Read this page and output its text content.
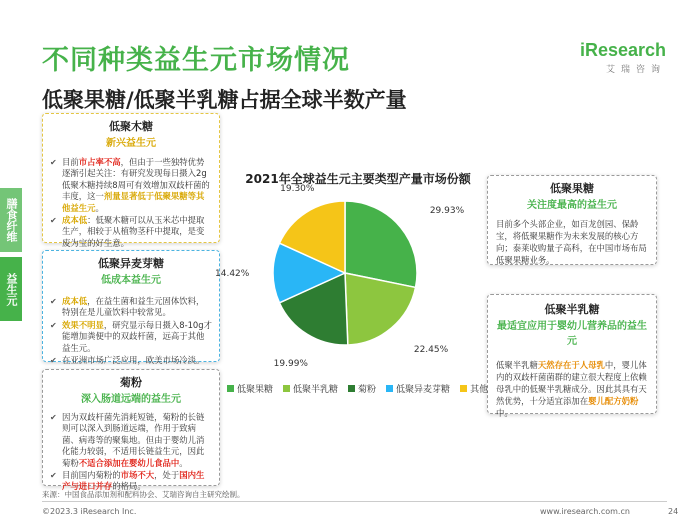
不同种类益生元市场情况
低聚果糖/低聚半乳糖占据全球半数产量
iResearch
艾瑞咨询
膳食纤维
益生元
低聚木糖
新兴益生元
✔ 目前市占率不高，但由于一些独特优势逐渐引起关注：有研究发现每日摄入2g 低聚木糖持续8周可有效增加双歧杆菌的丰度，这一剂量显著低于低聚果糖等其他益生元。
✔ 成本低：低聚木糖可以从玉米芯中提取生产，相较于从植物茎秆中提取，是变废为宝的好生意。
低聚异麦芽糖
低成本益生元
✔ 成本低，在益生菌和益生元固体饮料，特别在是儿童饮料中较常见。
✔ 效果不明显，研究显示每日摄入8-10g才能增加粪便中的双歧杆菌，远高于其他益生元。
✔ 在亚洲市场广泛应用，欧美市场冷淡。
菊粉
深入肠道远端的益生元
✔ 因为双歧杆菌先消耗短链，菊粉的长链则可以深入到肠道远端，作用于致病菌、病毒等的聚集地。但由于婴幼儿消化能力较弱，不适用长链益生元，因此菊粉不适合添加在婴幼儿食品中。
✔ 目前国内菊粉的市场不大，处于国内生产与进口并存的格局。
低聚果糖
关注度最高的益生元
目前多个头部企业，如百龙创园、保龄宝，将低聚果糖作为未来发展的核心方向；泰莱收购量子高科，在中国市场布局低聚果糖业务。
低聚半乳糖
最适宜应用于婴幼儿营养品的益生元
低聚半乳糖天然存在于人母乳中，婴儿体内的双歧杆菌菌群的建立很大程度上依赖母乳中的低聚半乳糖成分。因此其具有天然优势，十分适宜添加在婴儿配方奶粉中。
2021年全球益生元主要类型产量市场份额
29.93%
22.45%
19.99%
14.42%
19.30%
低聚果糖 低聚半乳糖 菊粉 低聚异麦芽糖 其他
来源：中国食品添加剂和配料协会、艾瑞咨询自主研究绘制。
©2023.3 iResearch Inc.	www.iresearch.com.cn	24
